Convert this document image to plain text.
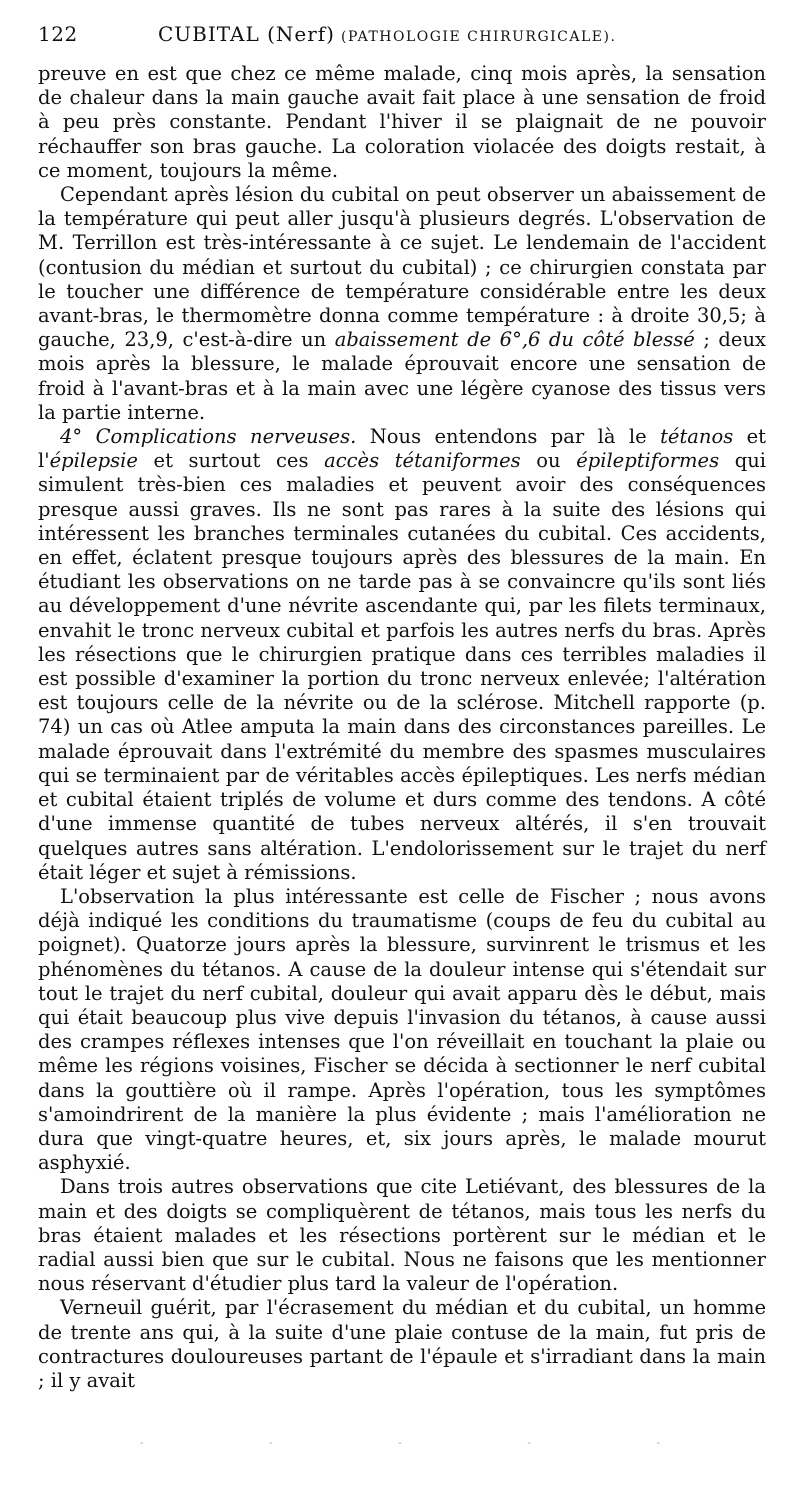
122	CUBITAL (Nerf) (PATHOLOGIE CHIRURGICALE).

preuve en est que chez ce même malade, cinq mois après, la sensation de chaleur dans la main gauche avait fait place à une sensation de froid à peu près constante. Pendant l'hiver il se plaignait de ne pouvoir réchauffer son bras gauche. La coloration violacée des doigts restait, à ce moment, toujours la même.

Cependant après lésion du cubital on peut observer un abaissement de la température qui peut aller jusqu'à plusieurs degrés. L'observation de M. Terrillon est très-intéressante à ce sujet. Le lendemain de l'accident (contusion du médian et surtout du cubital) ; ce chirurgien constata par le toucher une différence de température considérable entre les deux avant-bras, le thermomètre donna comme température : à droite 30,5; à gauche, 23,9, c'est-à-dire un abaissement de 6°,6 du côté blessé ; deux mois après la blessure, le malade éprouvait encore une sensation de froid à l'avant-bras et à la main avec une légère cyanose des tissus vers la partie interne.

4° Complications nerveuses. Nous entendons par là le tétanos et l'épilepsie et surtout ces accès tétaniformes ou épileptiformes qui simulent très-bien ces maladies et peuvent avoir des conséquences presque aussi graves. Ils ne sont pas rares à la suite des lésions qui intéressent les branches terminales cutanées du cubital. Ces accidents, en effet, éclatent presque toujours après des blessures de la main. En étudiant les observations on ne tarde pas à se convaincre qu'ils sont liés au développement d'une névrite ascendante qui, par les filets terminaux, envahit le tronc nerveux cubital et parfois les autres nerfs du bras. Après les résections que le chirurgien pratique dans ces terribles maladies il est possible d'examiner la portion du tronc nerveux enlevée; l'altération est toujours celle de la névrite ou de la sclérose. Mitchell rapporte (p. 74) un cas où Atlee amputa la main dans des circonstances pareilles. Le malade éprouvait dans l'extrémité du membre des spasmes musculaires qui se terminaient par de véritables accès épileptiques. Les nerfs médian et cubital étaient triplés de volume et durs comme des tendons. A côté d'une immense quantité de tubes nerveux altérés, il s'en trouvait quelques autres sans altération. L'endolorissement sur le trajet du nerf était léger et sujet à rémissions.

L'observation la plus intéressante est celle de Fischer ; nous avons déjà indiqué les conditions du traumatisme (coups de feu du cubital au poignet). Quatorze jours après la blessure, survinrent le trismus et les phénomènes du tétanos. A cause de la douleur intense qui s'étendait sur tout le trajet du nerf cubital, douleur qui avait apparu dès le début, mais qui était beaucoup plus vive depuis l'invasion du tétanos, à cause aussi des crampes réflexes intenses que l'on réveillait en touchant la plaie ou même les régions voisines, Fischer se décida à sectionner le nerf cubital dans la gouttière où il rampe. Après l'opération, tous les symptômes s'amoindrirent de la manière la plus évidente ; mais l'amélioration ne dura que vingt-quatre heures, et, six jours après, le malade mourut asphyxié.

Dans trois autres observations que cite Letiévant, des blessures de la main et des doigts se compliquèrent de tétanos, mais tous les nerfs du bras étaient malades et les résections portèrent sur le médian et le radial aussi bien que sur le cubital. Nous ne faisons que les mentionner nous réservant d'étudier plus tard la valeur de l'opération.

Verneuil guérit, par l'écrasement du médian et du cubital, un homme de trente ans qui, à la suite d'une plaie contuse de la main, fut pris de contractures douloureuses partant de l'épaule et s'irradiant dans la main ; il y avait

-	-	-	-	-
